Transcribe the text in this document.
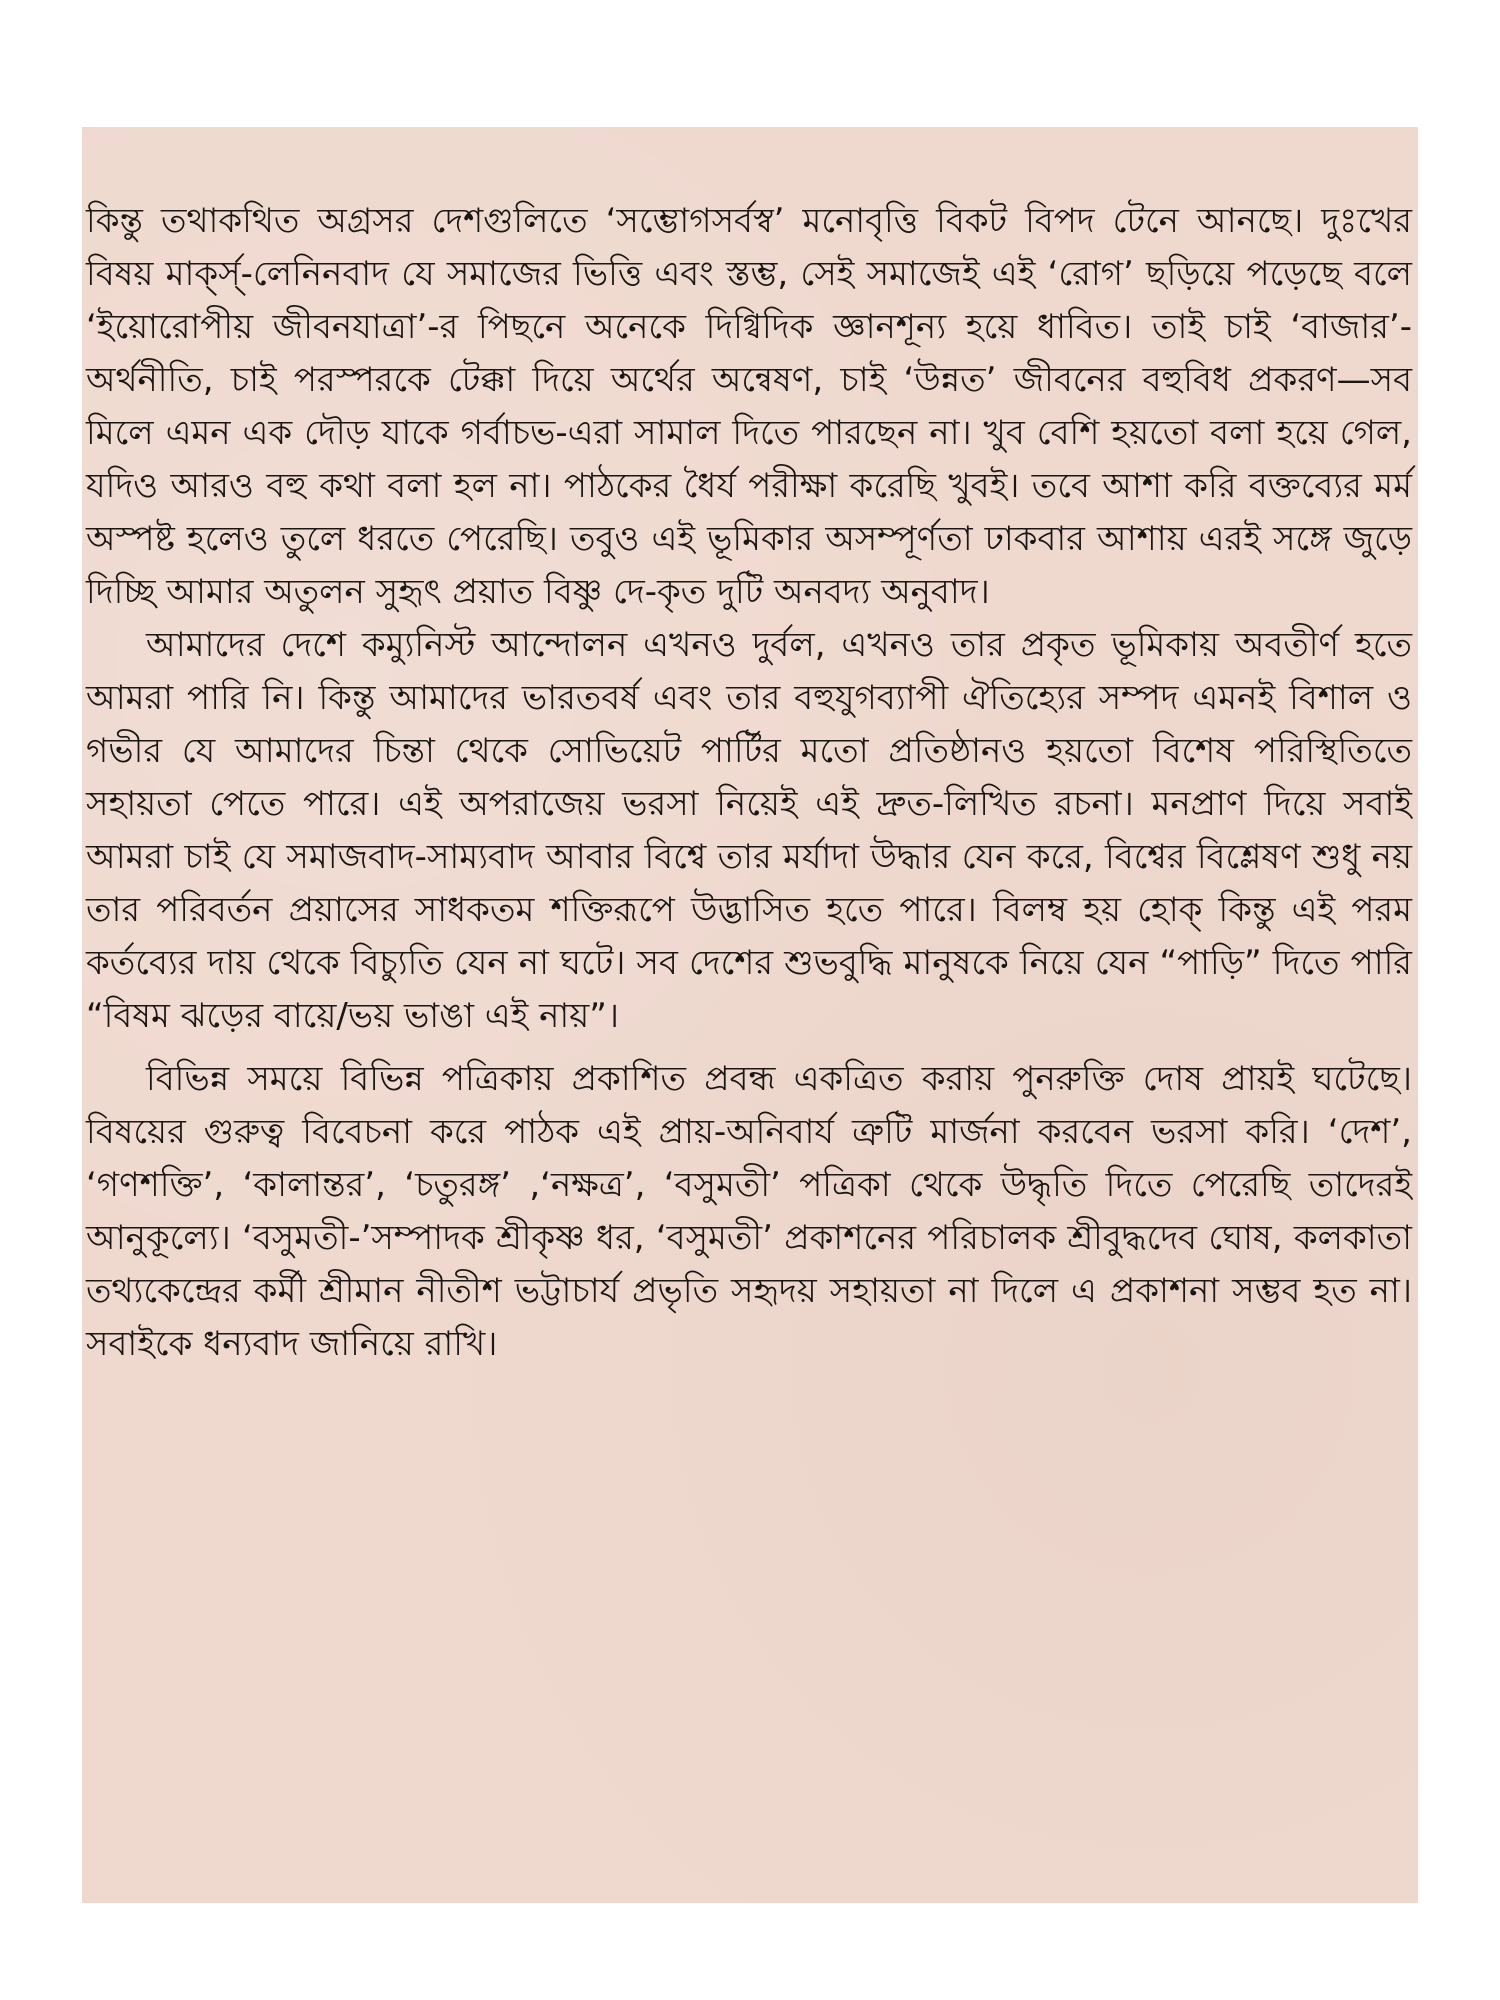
কিন্তু তথাকথিত অগ্রসর দেশগুলিতে ‘সম্ভোগসর্বস্ব’ মনোবৃত্তি বিকট বিপদ টেনে আনছে। দুঃখের বিষয় মার্ক্স্-লেনিনবাদ যে সমাজের ভিত্তি এবং স্তম্ভ, সেই সমাজেই এই ‘রোগ’ ছড়িয়ে পড়েছে বলে ‘ইয়োরোপীয় জীবনযাত্রা’-র পিছনে অনেকে দিগ্বিদিক জ্ঞানশূন্য হয়ে ধাবিত। তাই চাই ‘বাজার’-অর্থনীতি, চাই পরস্পরকে টেক্কা দিয়ে অর্থের অন্বেষণ, চাই ‘উন্নত’ জীবনের বহুবিধ প্রকরণ—সব মিলে এমন এক দৌড় যাকে গর্বাচভ-এরা সামাল দিতে পারছেন না। খুব বেশি হয়তো বলা হয়ে গেল, যদিও আরও বহু কথা বলা হল না। পাঠকের ধৈর্য পরীক্ষা করেছি খুবই। তবে আশা করি বক্তব্যের মর্ম অস্পষ্ট হলেও তুলে ধরতে পেরেছি। তবুও এই ভূমিকার অসম্পূর্ণতা ঢাকবার আশায় এরই সঙ্গে জুড়ে দিচ্ছি আমার অতুলন সুহৃৎ প্রয়াত বিষ্ণু দে-কৃত দুটি অনবদ্য অনুবাদ।

আমাদের দেশে কম্যুনিস্ট আন্দোলন এখনও দুর্বল, এখনও তার প্রকৃত ভূমিকায় অবতীর্ণ হতে আমরা পারি নি। কিন্তু আমাদের ভারতবর্ষ এবং তার বহুযুগব্যাপী ঐতিহ্যের সম্পদ এমনই বিশাল ও গভীর যে আমাদের চিন্তা থেকে সোভিয়েট পার্টির মতো প্রতিষ্ঠানও হয়তো বিশেষ পরিস্থিতিতে সহায়তা পেতে পারে। এই অপরাজেয় ভরসা নিয়েই এই দ্রুত-লিখিত রচনা। মনপ্রাণ দিয়ে সবাই আমরা চাই যে সমাজবাদ-সাম্যবাদ আবার বিশ্বে তার মর্যাদা উদ্ধার যেন করে, বিশ্বের বিশ্লেষণ শুধু নয় তার পরিবর্তন প্রয়াসের সাধকতম শক্তিরূপে উদ্ভাসিত হতে পারে। বিলম্ব হয় হোক্ কিন্তু এই পরম কর্তব্যের দায় থেকে বিচ্যুতি যেন না ঘটে। সব দেশের শুভবুদ্ধি মানুষকে নিয়ে যেন “পাড়ি” দিতে পারি “বিষম ঝড়ের বায়ে/ভয় ভাঙা এই নায়”।

বিভিন্ন সময়ে বিভিন্ন পত্রিকায় প্রকাশিত প্রবন্ধ একত্রিত করায় পুনরুক্তি দোষ প্রায়ই ঘটেছে। বিষয়ের গুরুত্ব বিবেচনা করে পাঠক এই প্রায়-অনিবার্য ত্রুটি মার্জনা করবেন ভরসা করি। ‘দেশ’, ‘গণশক্তি’, ‘কালান্তর’, ‘চতুরঙ্গ’ ,‘নক্ষত্র’, ‘বসুমতী’ পত্রিকা থেকে উদ্ধৃতি দিতে পেরেছি তাদেরই আনুকূল্যে। ‘বসুমতী-’সম্পাদক শ্রীকৃষ্ণ ধর, ‘বসুমতী’ প্রকাশনের পরিচালক শ্রীবুদ্ধদেব ঘোষ, কলকাতা তথ্যকেন্দ্রের কর্মী শ্রীমান নীতীশ ভট্টাচার্য প্রভৃতি সহৃদয় সহায়তা না দিলে এ প্রকাশনা সম্ভব হত না। সবাইকে ধন্যবাদ জানিয়ে রাখি।
